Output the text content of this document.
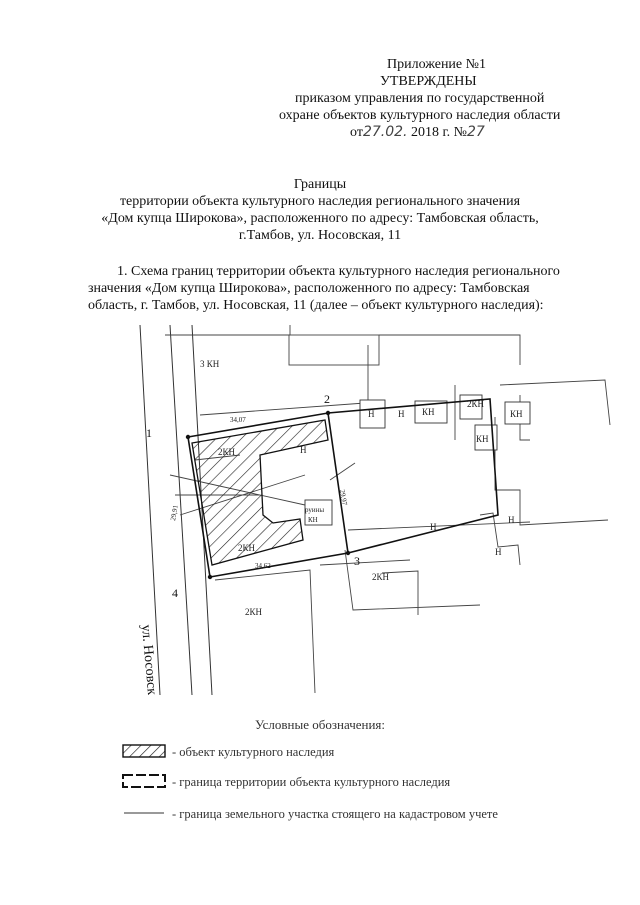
Приложение №1
УТВЕРЖДЕНЫ
приказом управления по государственной
охране объектов культурного наследия области
от27.02. 2018 г. №27
Границы
территории объекта культурного наследия регионального значения
«Дом купца Широкова», расположенного по адресу: Тамбовская область,
г.Тамбов, ул. Носовская, 11
1. Схема границ территории объекта культурного наследия регионального
значения «Дом купца Широкова», расположенного по адресу: Тамбовская
область, г. Тамбов, ул. Носовская, 11 (далее – объект культурного наследия):
1
2
3
4
34,07
29,91
29,97
34,62
3 КН
2КН
2КН
2КН
2КН
2КН
КН
КН
КН
Н	Н
Н
Н
Н
Н
руины
КН
ул. Носовская
Условные обозначения:
- объект культурного наследия
- граница территории объекта культурного наследия
- граница земельного участка стоящего на кадастровом учете
